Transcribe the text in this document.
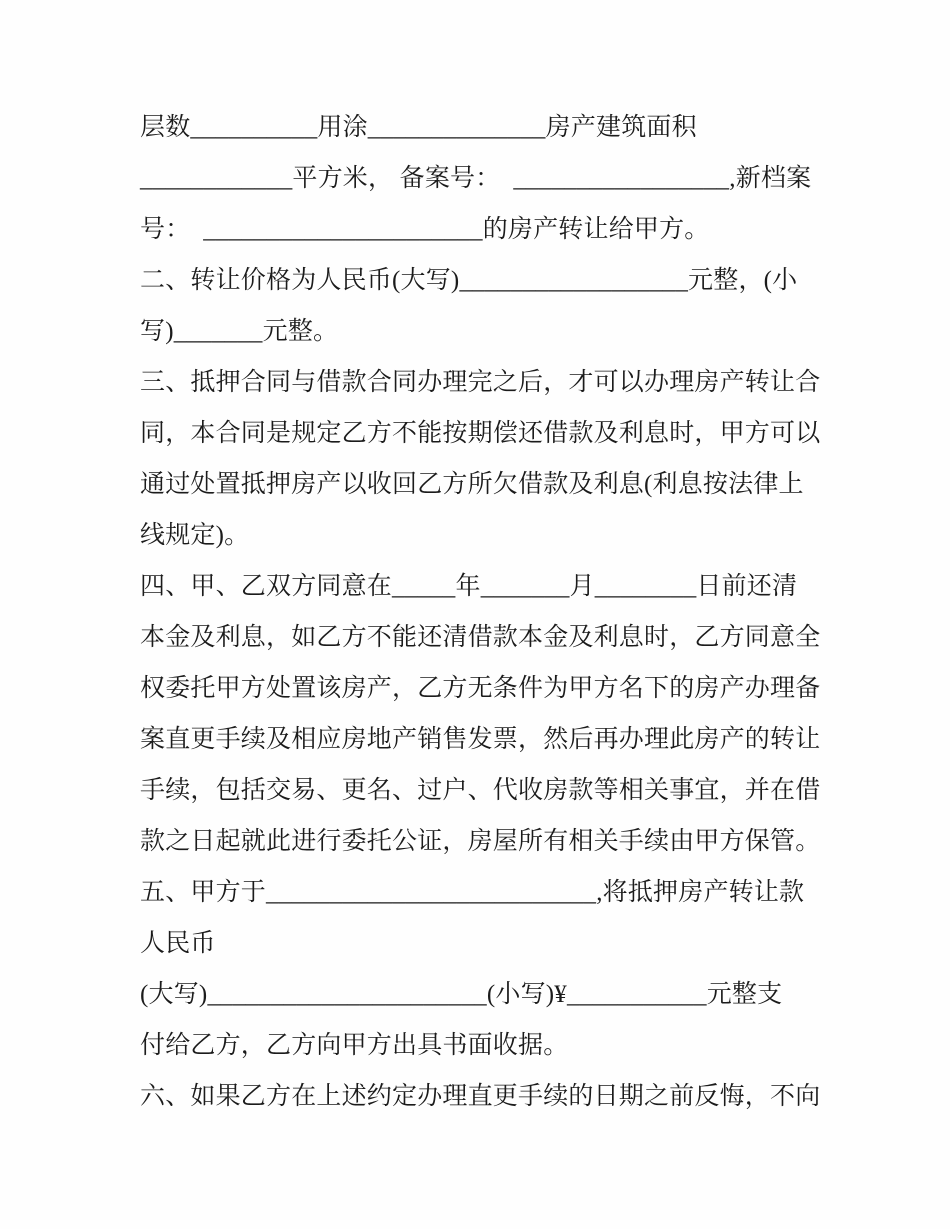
层数__________用涂______________房产建筑面积
____________平方米， 备案号：  _________________,新档案
号：  ______________________的房产转让给甲方。
二、转让价格为人民币(大写)__________________元整，(小
写)_______元整。
三、抵押合同与借款合同办理完之后，才可以办理房产转让合
同，本合同是规定乙方不能按期偿还借款及利息时，甲方可以
通过处置抵押房产以收回乙方所欠借款及利息(利息按法律上
线规定)。
四、甲、乙双方同意在_____年_______月________日前还清
本金及利息，如乙方不能还清借款本金及利息时，乙方同意全
权委托甲方处置该房产，乙方无条件为甲方名下的房产办理备
案直更手续及相应房地产销售发票，然后再办理此房产的转让
手续，包括交易、更名、过户、代收房款等相关事宜，并在借
款之日起就此进行委托公证，房屋所有相关手续由甲方保管。
五、甲方于__________________________,将抵押房产转让款
人民币
(大写)______________________(小写)¥___________元整支
付给乙方，乙方向甲方出具书面收据。
六、如果乙方在上述约定办理直更手续的日期之前反悔，不向
